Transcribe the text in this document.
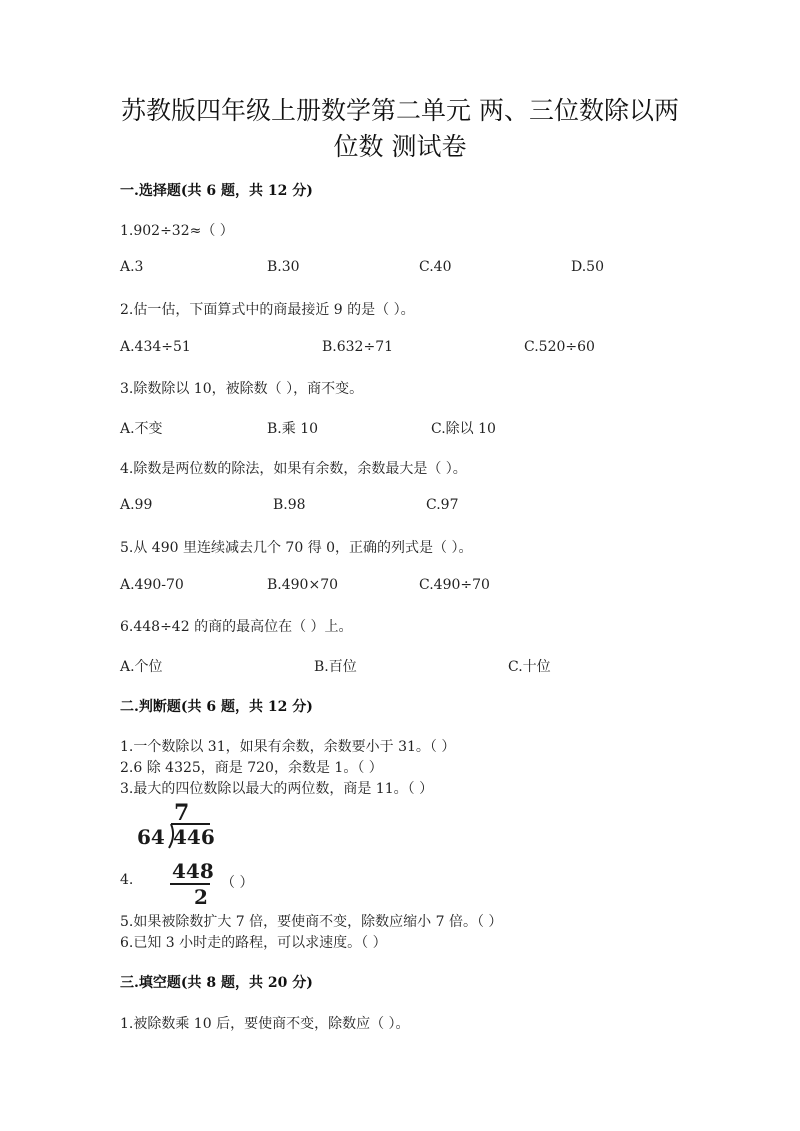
苏教版四年级上册数学第二单元 两、三位数除以两
位数 测试卷
一.选择题(共 6 题，共 12 分)
1.902÷32≈（ ）
A.3	B.30	C.40	D.50
2.估一估，下面算式中的商最接近 9 的是（ ）。
A.434÷51	B.632÷71	C.520÷60
3.除数除以 10，被除数（ ），商不变。
A.不变	B.乘 10	C.除以 10
4.除数是两位数的除法，如果有余数，余数最大是（ ）。
A.99	B.98	C.97
5.从 490 里连续减去几个 70 得 0，正确的列式是（ ）。
A.490-70	B.490×70	C.490÷70
6.448÷42 的商的最高位在（ ）上。
A.个位	B.百位	C.十位
二.判断题(共 6 题，共 12 分)
1.一个数除以 31，如果有余数，余数要小于 31。（ ）
2.6 除 4325，商是 720，余数是 1。（ ）
3.最大的四位数除以最大的两位数，商是 11。（ ）
7
64 446
448
2
4.	（ ）
5.如果被除数扩大 7 倍，要使商不变，除数应缩小 7 倍。（ ）
6.已知 3 小时走的路程，可以求速度。（ ）
三.填空题(共 8 题，共 20 分)
1.被除数乘 10 后，要使商不变，除数应（ ）。
